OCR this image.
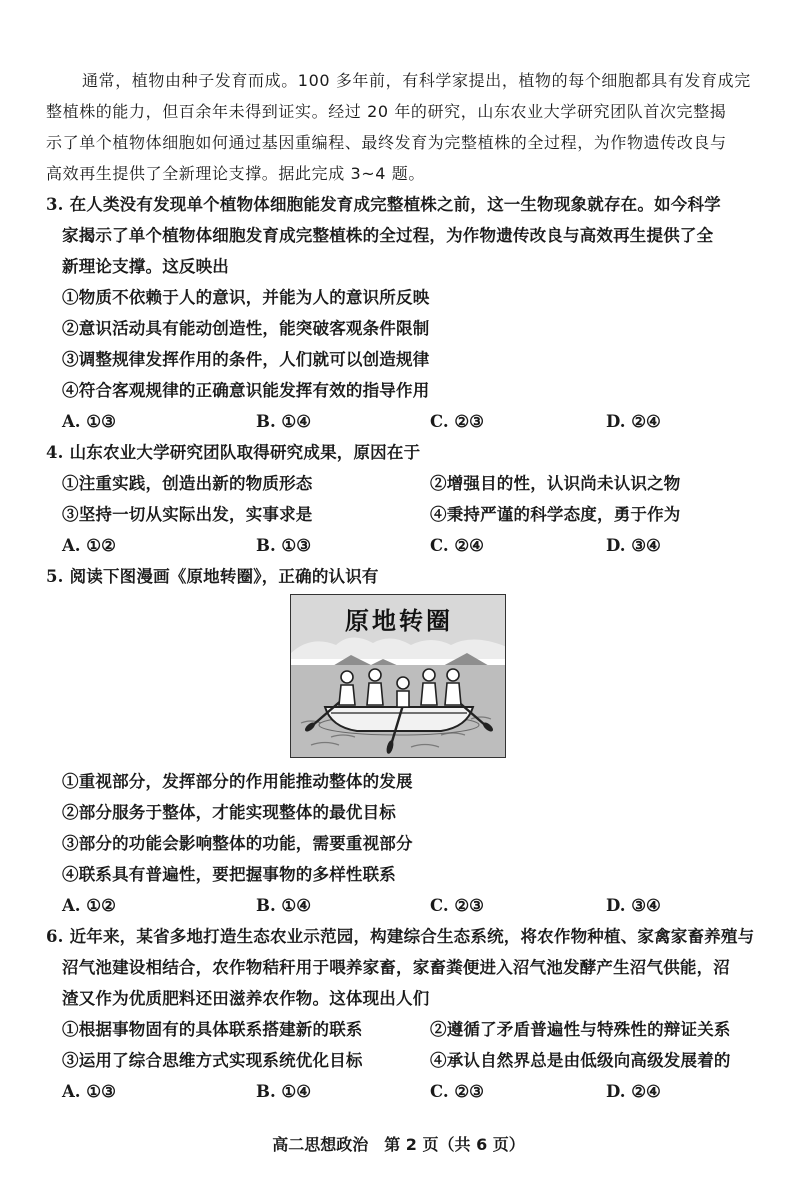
通常，植物由种子发育而成。100 多年前，有科学家提出，植物的每个细胞都具有发育成完
整植株的能力，但百余年未得到证实。经过 20 年的研究，山东农业大学研究团队首次完整揭
示了单个植物体细胞如何通过基因重编程、最终发育为完整植株的全过程，为作物遗传改良与
高效再生提供了全新理论支撑。据此完成 3~4 题。
3. 在人类没有发现单个植物体细胞能发育成完整植株之前，这一生物现象就存在。如今科学
家揭示了单个植物体细胞发育成完整植株的全过程，为作物遗传改良与高效再生提供了全
新理论支撑。这反映出
①物质不依赖于人的意识，并能为人的意识所反映
②意识活动具有能动创造性，能突破客观条件限制
③调整规律发挥作用的条件，人们就可以创造规律
④符合客观规律的正确意识能发挥有效的指导作用
A. ①③	B. ①④	C. ②③	D. ②④
4. 山东农业大学研究团队取得研究成果，原因在于
①注重实践，创造出新的物质形态	②增强目的性，认识尚未认识之物
③坚持一切从实际出发，实事求是	④秉持严谨的科学态度，勇于作为
A. ①②	B. ①③	C. ②④	D. ③④
5. 阅读下图漫画《原地转圈》，正确的认识有
原地转圈
①重视部分，发挥部分的作用能推动整体的发展
②部分服务于整体，才能实现整体的最优目标
③部分的功能会影响整体的功能，需要重视部分
④联系具有普遍性，要把握事物的多样性联系
A. ①②	B. ①④	C. ②③	D. ③④
6. 近年来，某省多地打造生态农业示范园，构建综合生态系统，将农作物种植、家禽家畜养殖与
沼气池建设相结合，农作物秸秆用于喂养家畜，家畜粪便进入沼气池发酵产生沼气供能，沼
渣又作为优质肥料还田滋养农作物。这体现出人们
①根据事物固有的具体联系搭建新的联系	②遵循了矛盾普遍性与特殊性的辩证关系
③运用了综合思维方式实现系统优化目标	④承认自然界总是由低级向高级发展着的
A. ①③	B. ①④	C. ②③	D. ②④
高二思想政治　第 2 页（共 6 页）
